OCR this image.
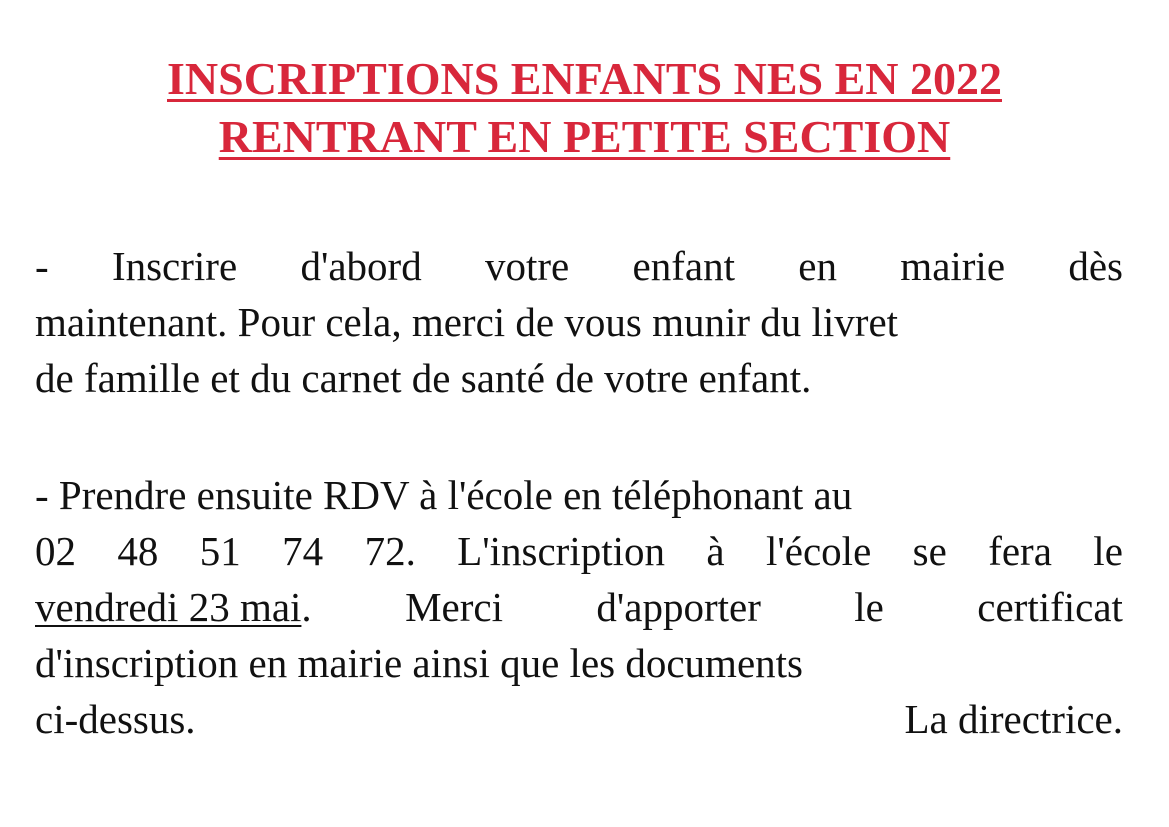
INSCRIPTIONS ENFANTS NES EN 2022
RENTRANT EN PETITE SECTION
- Inscrire d'abord votre enfant en mairie dès
maintenant. Pour cela, merci de vous munir du livret
de famille et du carnet de santé de votre enfant.
- Prendre ensuite RDV à l'école en téléphonant au
02 48 51 74 72. L'inscription à l'école se fera le
vendredi 23 mai. Merci d'apporter le certificat
d'inscription en mairie ainsi que les documents
ci-dessus.	La directrice.
